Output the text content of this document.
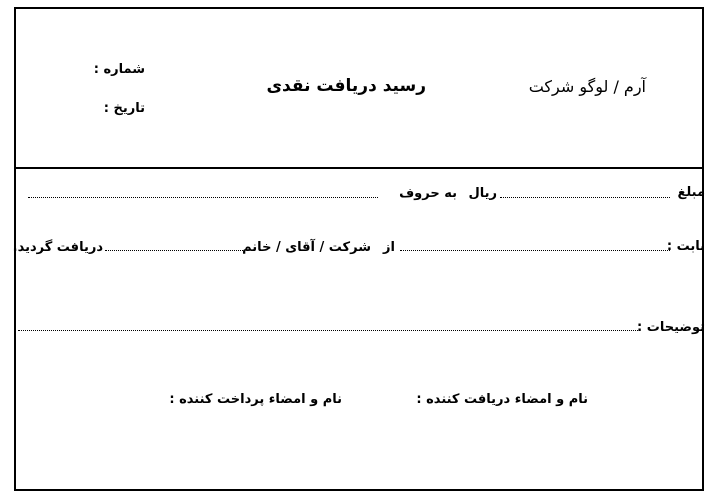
آرم / لوگو شرکت
رسید دریافت نقدی
شماره :
تاریخ :
مبلغ
ریال
به حروف
بابت :
از
شرکت / آقای / خانم
دریافت گردید.
توضیحات :
نام و امضاء دریافت کننده :
نام و امضاء پرداخت کننده :
